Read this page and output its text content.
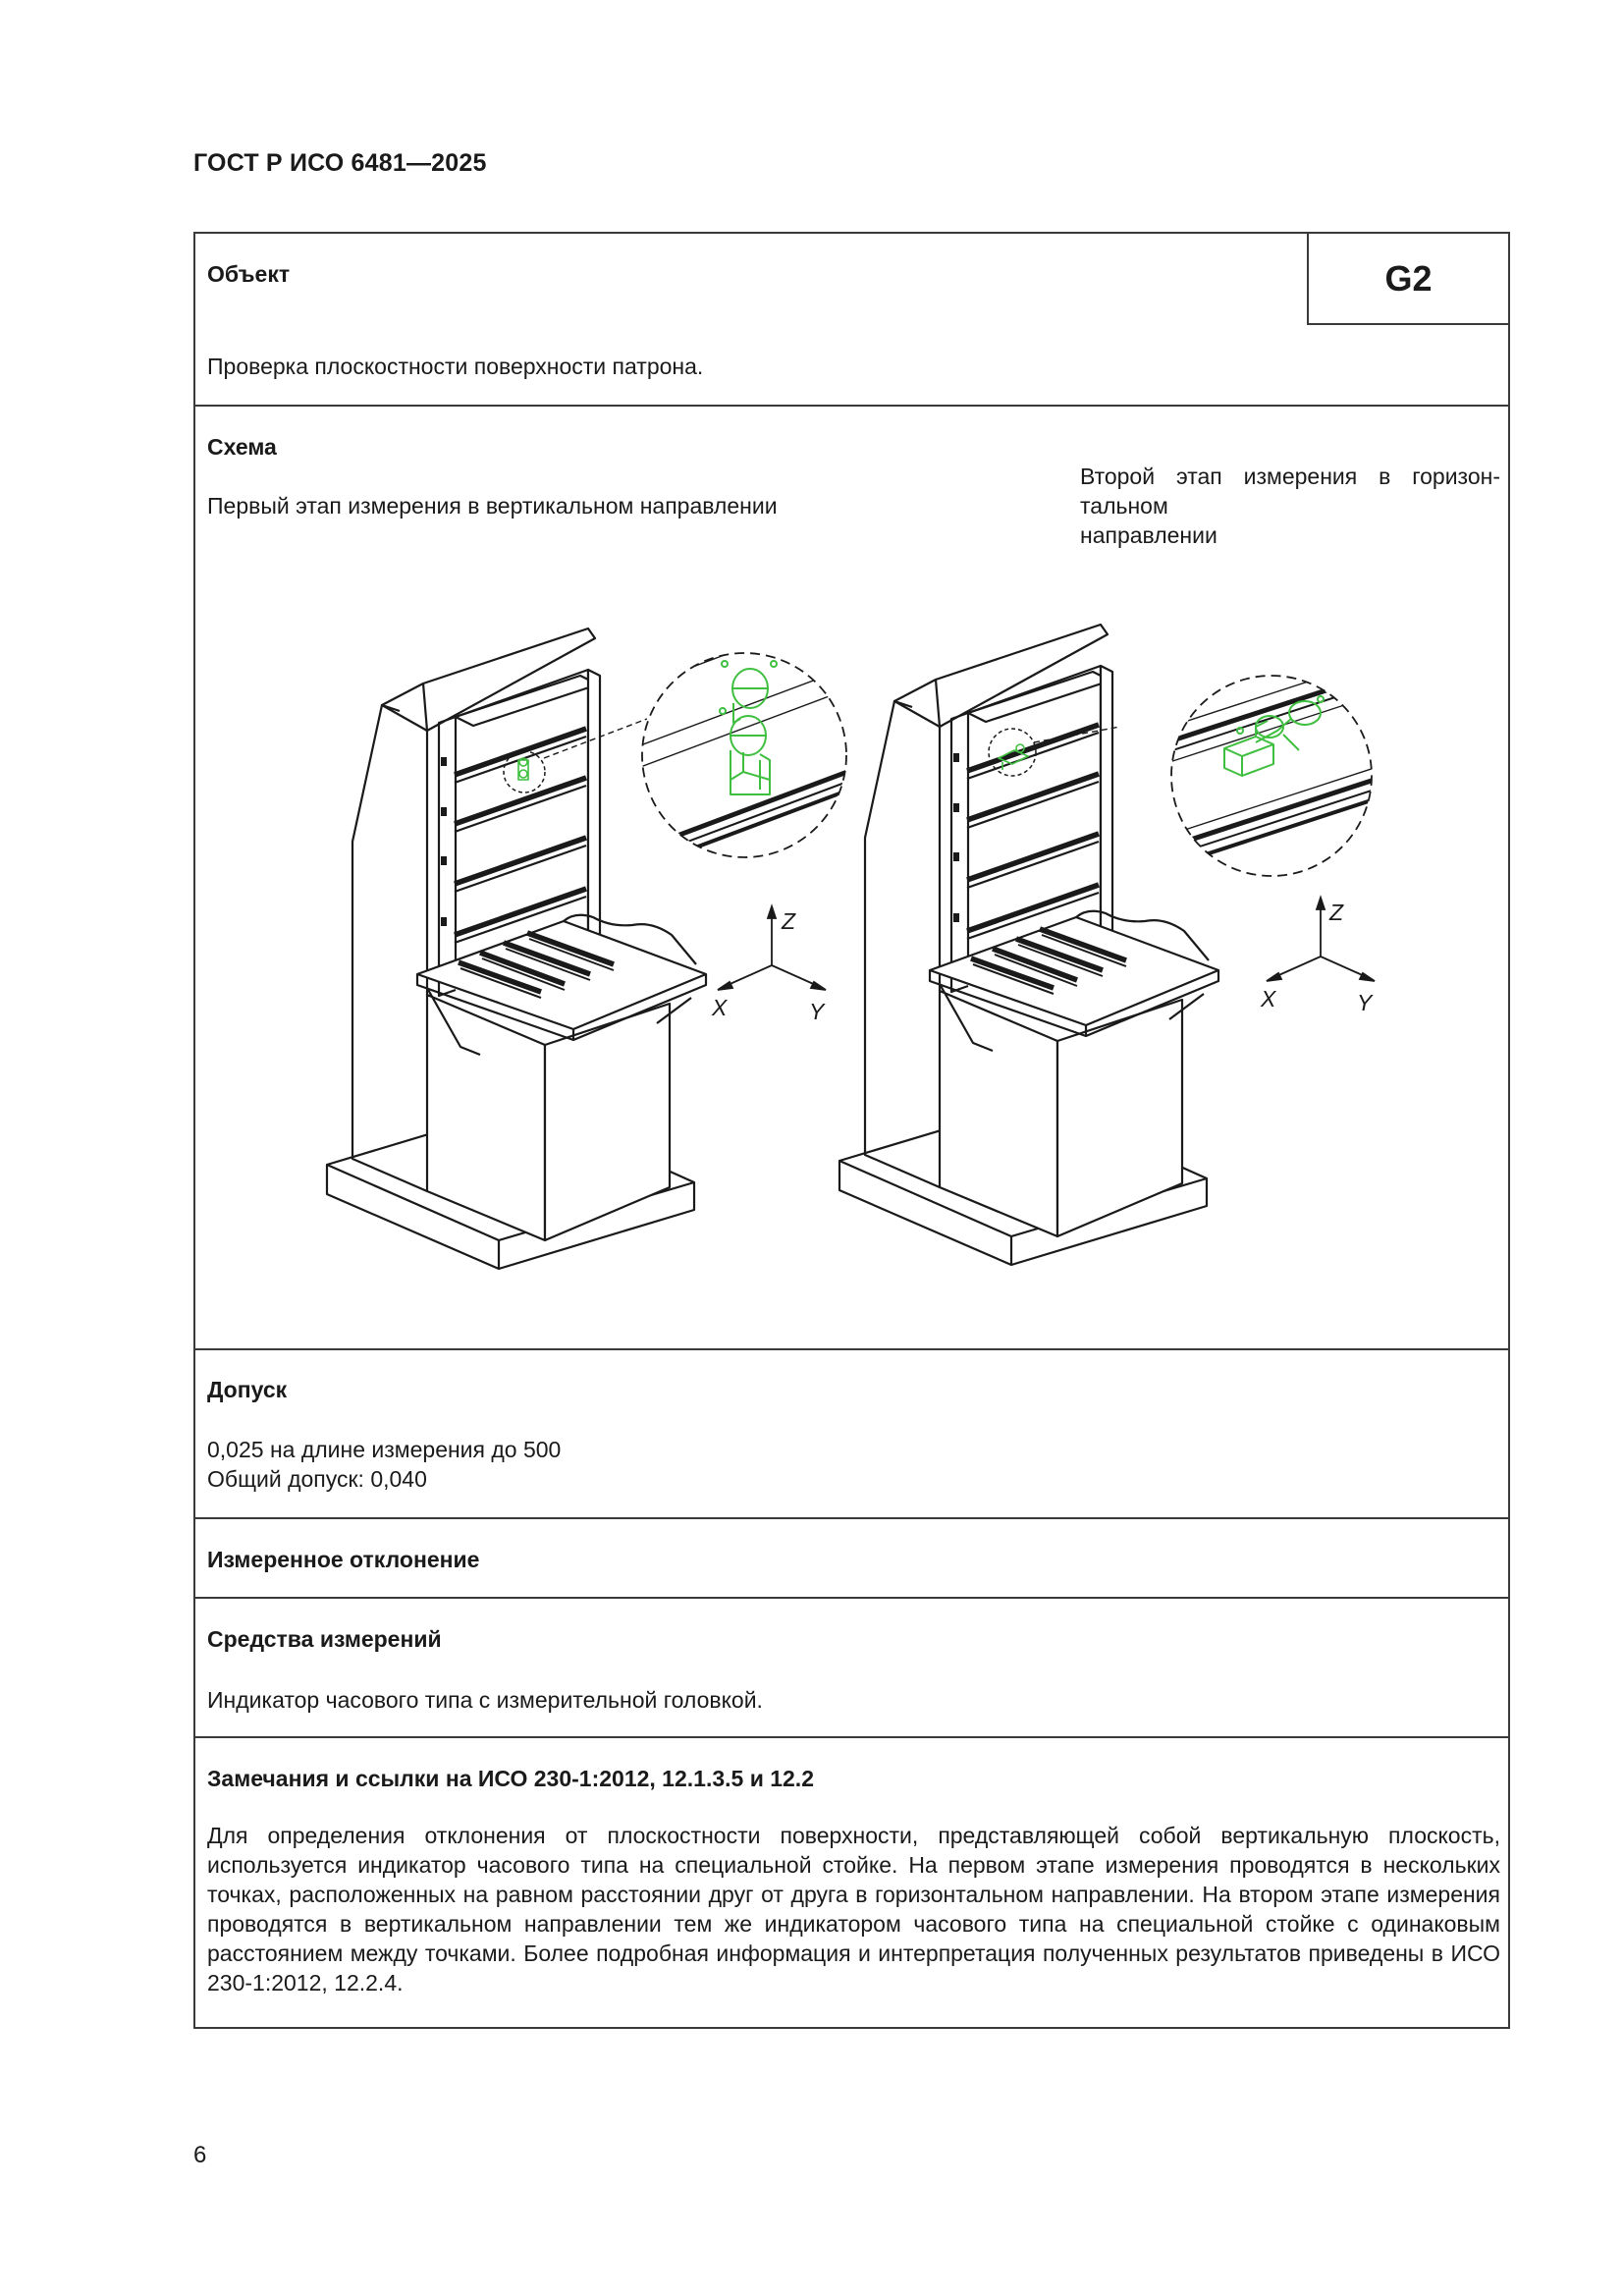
ГОСТ Р ИСО 6481—2025
Объект	G2
Проверка плоскостности поверхности патрона.
Схема
Первый этап измерения в вертикальном направлении
Второй этап измерения в горизон-
тальном
направлении
Z
X	Y
Z
X	Y
Допуск
0,025 на длине измерения до 500
Общий допуск: 0,040
Измеренное отклонение
Средства измерений
Индикатор часового типа с измерительной головкой.
Замечания и ссылки на ИСО 230-1:2012, 12.1.3.5 и 12.2
Для определения отклонения от плоскостности поверхности, представляющей собой вертикальную плоскость, используется индикатор часового типа на специальной стойке. На первом этапе измерения проводятся в нескольких точках, расположенных на равном расстоянии друг от друга в горизонтальном направлении. На втором этапе измерения проводятся в вертикальном направлении тем же индикатором часового типа на специальной стойке с одинаковым расстоянием между точками. Более подробная информация и интерпретация полученных результатов приведены в ИСО 230-1:2012, 12.2.4.
6
